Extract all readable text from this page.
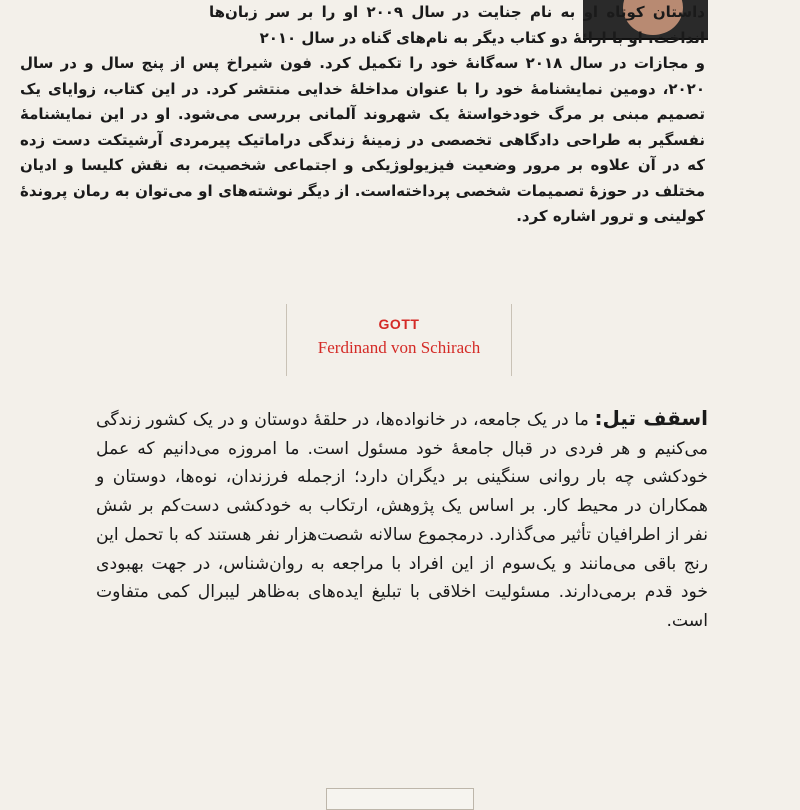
داستان کوتاه او به نام جنایت در سال ۲۰۰۹ او را بر سر زبان‌ها انداخت. او با ارائهٔ دو کتاب دیگر به نام‌های گناه در سال ۲۰۱۰

و مجازات در سال ۲۰۱۸ سه‌گانهٔ خود را تکمیل کرد. فون شیراخ پس از پنج سال و در سال ۲۰۲۰، دومین نمایشنامهٔ خود را با عنوان مداخلهٔ خدایی منتشر کرد. در این کتاب، زوایای یک تصمیم مبنی بر مرگ خودخواستهٔ یک شهروند آلمانی بررسی می‌شود. او در این نمایشنامهٔ نفسگیر به طراحی دادگاهی تخصصی در زمینهٔ زندگی دراماتیک پیرمردی آرشیتکت دست زده که در آن علاوه بر مرور وضعیت فیزیولوژیکی و اجتماعی شخصیت، به نقش کلیسا و ادیان مختلف در حوزهٔ تصمیمات شخصی پرداخته‌است. از دیگر نوشته‌های او می‌توان به رمان پروندهٔ کولینی و ترور اشاره کرد.

GOTT
Ferdinand von Schirach

اسقف تیل: ما در یک جامعه، در خانواده‌ها، در حلقهٔ دوستان و در یک کشور زندگی می‌کنیم و هر فردی در قبال جامعهٔ خود مسئول است. ما امروزه می‌دانیم که عمل خودکشی چه بار روانی سنگینی بر دیگران دارد؛ ازجمله فرزندان، نوه‌ها، دوستان و همکاران در محیط کار. بر اساس یک پژوهش، ارتکاب به خودکشی دست‌کم بر شش نفر از اطرافیان تأثیر می‌گذارد. درمجموع سالانه شصت‌هزار نفر هستند که با تحمل این رنج باقی می‌مانند و یک‌سوم از این افراد با مراجعه به روان‌شناس، در جهت بهبودی خود قدم برمی‌دارند. مسئولیت اخلاقی با تبلیغ ایده‌های به‌ظاهر لیبرال کمی متفاوت است.
